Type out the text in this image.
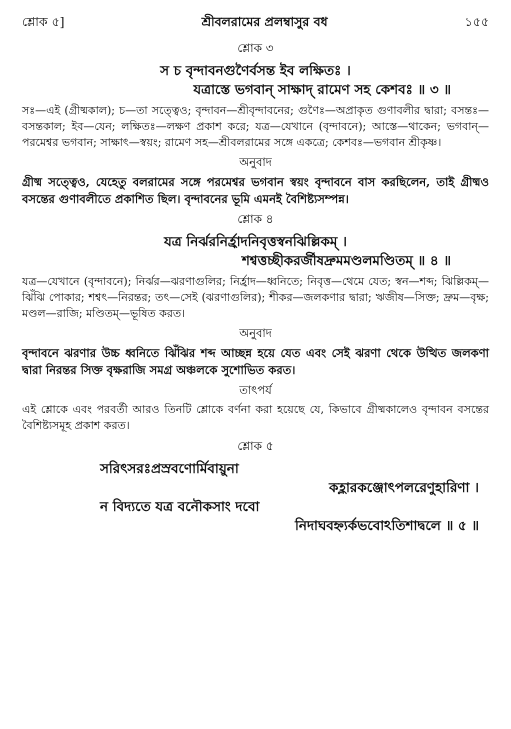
শ্লোক ৫]	শ্রীবলরামের প্রলম্বাসুর বধ	১৫৫
শ্লোক ৩
স চ বৃন্দাবনগুণৈর্বসন্ত ইব লক্ষিতঃ ।
যত্রাস্তে ভগবান্ সাক্ষাদ্ রামেণ সহ কেশবঃ ॥ ৩ ॥
সঃ—এই (গ্রীষ্মকাল); চ—তা সত্ত্বেও; বৃন্দাবন—শ্রীবৃন্দাবনের; গুণৈঃ—অপ্রাকৃত গুণাবলীর দ্বারা; বসন্তঃ—বসন্তকাল; ইব—যেন; লক্ষিতঃ—লক্ষণ প্রকাশ করে; যত্র—যেখানে (বৃন্দাবনে); আস্তে—থাকেন; ভগবান্—পরমেশ্বর ভগবান; সাক্ষাৎ—স্বয়ং; রামেণ সহ—শ্রীবলরামের সঙ্গে একত্রে; কেশবঃ—ভগবান শ্রীকৃষ্ণ।
অনুবাদ
গ্রীষ্ম সত্ত্বেও, যেহেতু বলরামের সঙ্গে পরমেশ্বর ভগবান স্বয়ং বৃন্দাবনে বাস করছিলেন, তাই গ্রীষ্মও বসন্তের গুণাবলীতে প্রকাশিত ছিল। বৃন্দাবনের ভূমি এমনই বৈশিষ্ট্যসম্পন্ন।
শ্লোক ৪
যত্র নির্ঝরনির্হ্রাদনিবৃত্তস্বনঝিল্লিকম্ ।
শশ্বত্তচ্ছীকরর্জীষদ্রুমমণ্ডলমণ্ডিতম্ ॥ ৪ ॥
যত্র—যেখানে (বৃন্দাবনে); নির্ঝর—ঝরণাগুলির; নির্হ্রাদ—ধ্বনিতে; নিবৃত্ত—থেমে যেত; স্বন—শব্দ; ঝিল্লিকম্—ঝিঁঝি পোকার; শশ্বৎ—নিরন্তর; তৎ—সেই (ঝরণাগুলির); শীকর—জলকণার দ্বারা; ঋজীষ—সিক্ত; দ্রুম—বৃক্ষ; মণ্ডল—রাজি; মণ্ডিতম্—ভূষিত করত।
অনুবাদ
বৃন্দাবনে ঝরণার উচ্চ ধ্বনিতে ঝিঁঝির শব্দ আচ্ছন্ন হয়ে যেত এবং সেই ঝরণা থেকে উত্থিত জলকণা দ্বারা নিরন্তর সিক্ত বৃক্ষরাজি সমগ্র অঞ্চলকে সুশোভিত করত।
তাৎপর্য
এই শ্লোকে এবং পরবর্তী আরও তিনটি শ্লোকে বর্ণনা করা হয়েছে যে, কিভাবে গ্রীষ্মকালেও বৃন্দাবন বসন্তের বৈশিষ্ট্যসমূহ প্রকাশ করত।
শ্লোক ৫
সরিৎসরঃপ্রস্রবণোর্মিবায়ুনা
কহ্লারকঞ্জোৎপলরেণুহারিণা ।
ন বিদ্যতে যত্র বনৌকসাং দবো
নিদাঘবহ্ন্যর্কভবোঽতিশাদ্বলে ॥ ৫ ॥
